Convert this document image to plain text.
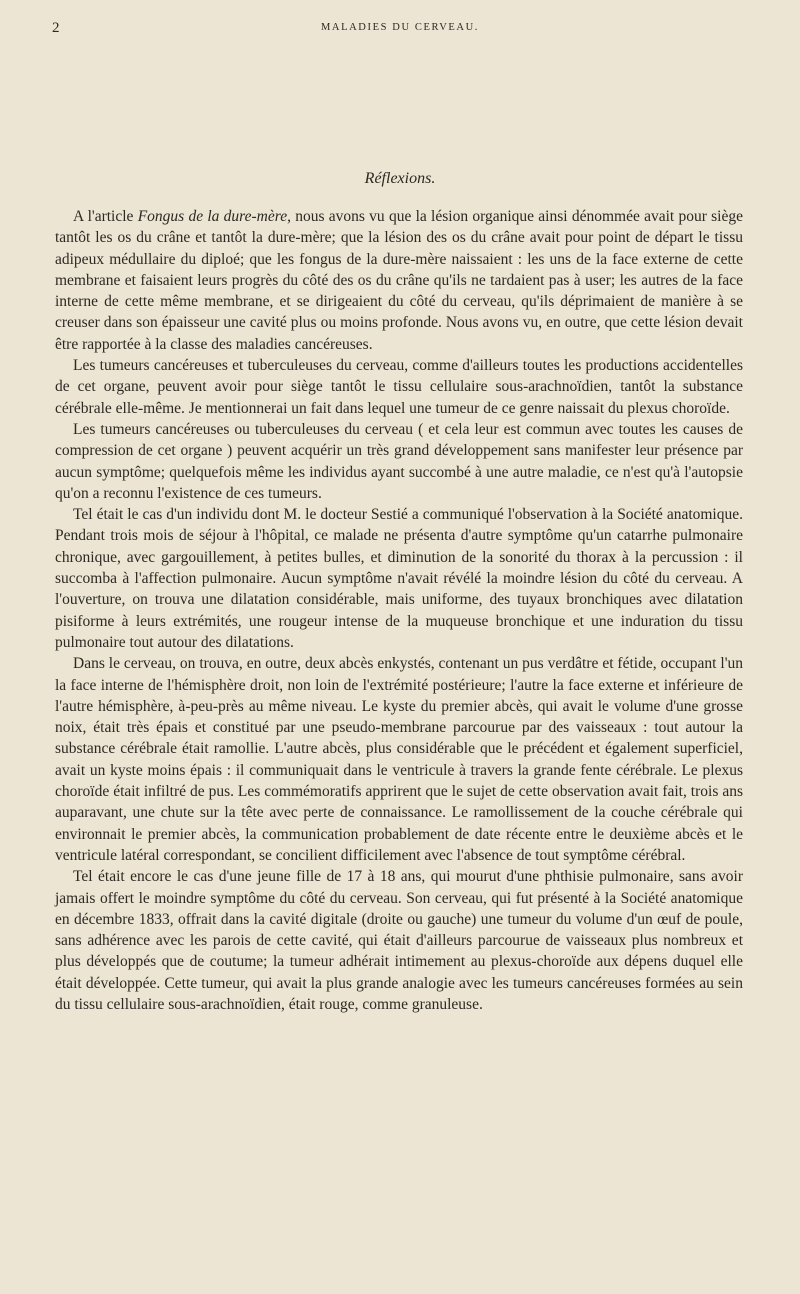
2	MALADIES DU CERVEAU.
Réflexions.

A l'article Fongus de la dure-mère, nous avons vu que la lésion organique ainsi dénommée avait pour siège tantôt les os du crâne et tantôt la dure-mère; que la lésion des os du crâne avait pour point de départ le tissu adipeux médullaire du diploé; que les fongus de la dure-mère naissaient : les uns de la face externe de cette membrane et faisaient leurs progrès du côté des os du crâne qu'ils ne tardaient pas à user; les autres de la face interne de cette même membrane, et se dirigeaient du côté du cerveau, qu'ils déprimaient de manière à se creuser dans son épaisseur une cavité plus ou moins profonde. Nous avons vu, en outre, que cette lésion devait être rapportée à la classe des maladies cancéreuses.

Les tumeurs cancéreuses et tuberculeuses du cerveau, comme d'ailleurs toutes les productions accidentelles de cet organe, peuvent avoir pour siège tantôt le tissu cellulaire sous-arachnoïdien, tantôt la substance cérébrale elle-même. Je mentionnerai un fait dans lequel une tumeur de ce genre naissait du plexus choroïde.

Les tumeurs cancéreuses ou tuberculeuses du cerveau ( et cela leur est commun avec toutes les causes de compression de cet organe ) peuvent acquérir un très grand développement sans manifester leur présence par aucun symptôme; quelquefois même les individus ayant succombé à une autre maladie, ce n'est qu'à l'autopsie qu'on a reconnu l'existence de ces tumeurs.

Tel était le cas d'un individu dont M. le docteur Sestié a communiqué l'observation à la Société anatomique. Pendant trois mois de séjour à l'hôpital, ce malade ne présenta d'autre symptôme qu'un catarrhe pulmonaire chronique, avec gargouillement, à petites bulles, et diminution de la sonorité du thorax à la percussion : il succomba à l'affection pulmonaire. Aucun symptôme n'avait révélé la moindre lésion du côté du cerveau. A l'ouverture, on trouva une dilatation considérable, mais uniforme, des tuyaux bronchiques avec dilatation pisiforme à leurs extrémités, une rougeur intense de la muqueuse bronchique et une induration du tissu pulmonaire tout autour des dilatations.

Dans le cerveau, on trouva, en outre, deux abcès enkystés, contenant un pus verdâtre et fétide, occupant l'un la face interne de l'hémisphère droit, non loin de l'extrémité postérieure; l'autre la face externe et inférieure de l'autre hémisphère, à-peu-près au même niveau. Le kyste du premier abcès, qui avait le volume d'une grosse noix, était très épais et constitué par une pseudo-membrane parcourue par des vaisseaux : tout autour la substance cérébrale était ramollie. L'autre abcès, plus considérable que le précédent et également superficiel, avait un kyste moins épais : il communiquait dans le ventricule à travers la grande fente cérébrale. Le plexus choroïde était infiltré de pus. Les commémoratifs apprirent que le sujet de cette observation avait fait, trois ans auparavant, une chute sur la tête avec perte de connaissance. Le ramollissement de la couche cérébrale qui environnait le premier abcès, la communication probablement de date récente entre le deuxième abcès et le ventricule latéral correspondant, se concilient difficilement avec l'absence de tout symptôme cérébral.

Tel était encore le cas d'une jeune fille de 17 à 18 ans, qui mourut d'une phthisie pulmonaire, sans avoir jamais offert le moindre symptôme du côté du cerveau. Son cerveau, qui fut présenté à la Société anatomique en décembre 1833, offrait dans la cavité digitale (droite ou gauche) une tumeur du volume d'un œuf de poule, sans adhérence avec les parois de cette cavité, qui était d'ailleurs parcourue de vaisseaux plus nombreux et plus développés que de coutume; la tumeur adhérait intimement au plexus-choroïde aux dépens duquel elle était développée. Cette tumeur, qui avait la plus grande analogie avec les tumeurs cancéreuses formées au sein du tissu cellulaire sous-arachnoïdien, était rouge, comme granuleuse.
